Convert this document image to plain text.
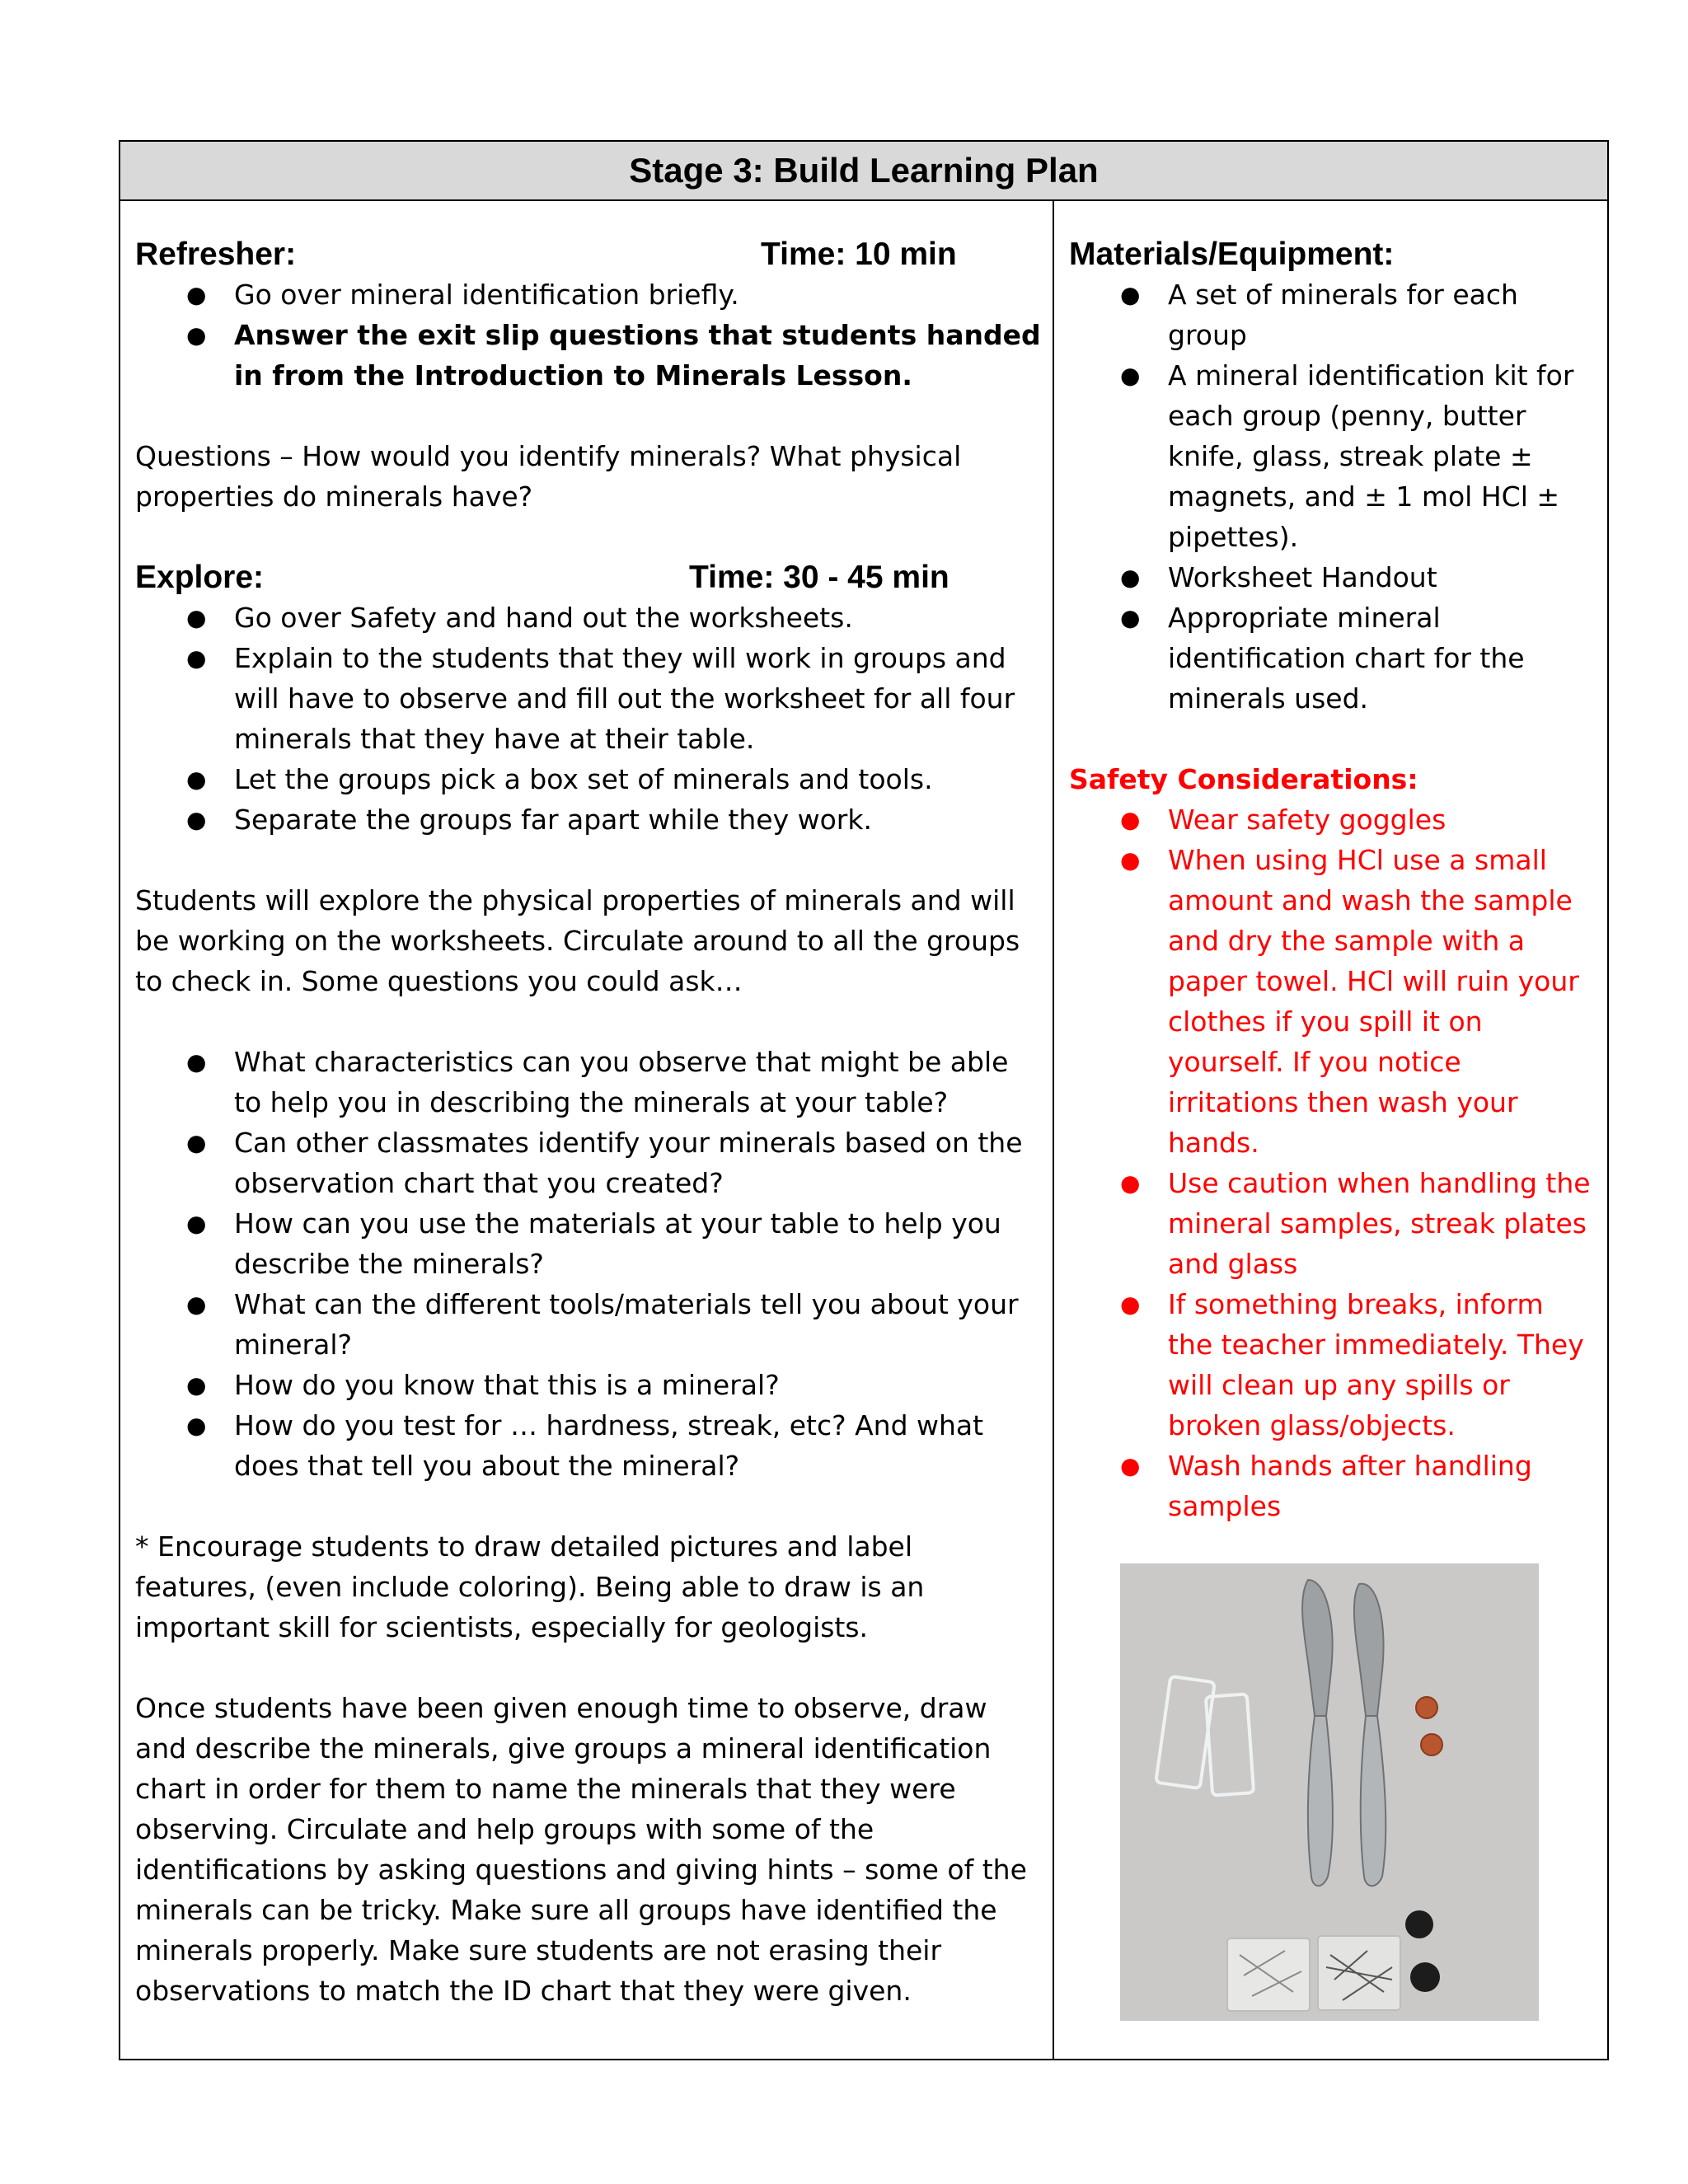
Stage 3: Build Learning Plan
Refresher:	Time: 10 min
● Go over mineral identification briefly.
● Answer the exit slip questions that students handed in from the Introduction to Minerals Lesson.
Questions – How would you identify minerals? What physical properties do minerals have?
Explore:	Time: 30 - 45 min
● Go over Safety and hand out the worksheets.
● Explain to the students that they will work in groups and will have to observe and fill out the worksheet for all four minerals that they have at their table.
● Let the groups pick a box set of minerals and tools.
● Separate the groups far apart while they work.
Students will explore the physical properties of minerals and will be working on the worksheets. Circulate around to all the groups to check in. Some questions you could ask…
● What characteristics can you observe that might be able to help you in describing the minerals at your table?
● Can other classmates identify your minerals based on the observation chart that you created?
● How can you use the materials at your table to help you describe the minerals?
● What can the different tools/materials tell you about your mineral?
● How do you know that this is a mineral?
● How do you test for … hardness, streak, etc? And what does that tell you about the mineral?
* Encourage students to draw detailed pictures and label features, (even include coloring). Being able to draw is an important skill for scientists, especially for geologists.
Once students have been given enough time to observe, draw and describe the minerals, give groups a mineral identification chart in order for them to name the minerals that they were observing. Circulate and help groups with some of the identifications by asking questions and giving hints – some of the minerals can be tricky. Make sure all groups have identified the minerals properly. Make sure students are not erasing their observations to match the ID chart that they were given.
Materials/Equipment:
● A set of minerals for each group
● A mineral identification kit for each group (penny, butter knife, glass, streak plate ± magnets, and ± 1 mol HCl ± pipettes).
● Worksheet Handout
● Appropriate mineral identification chart for the minerals used.
Safety Considerations:
● Wear safety goggles
● When using HCl use a small amount and wash the sample and dry the sample with a paper towel. HCl will ruin your clothes if you spill it on yourself. If you notice irritations then wash your hands.
● Use caution when handling the mineral samples, streak plates and glass
● If something breaks, inform the teacher immediately. They will clean up any spills or broken glass/objects.
● Wash hands after handling samples
